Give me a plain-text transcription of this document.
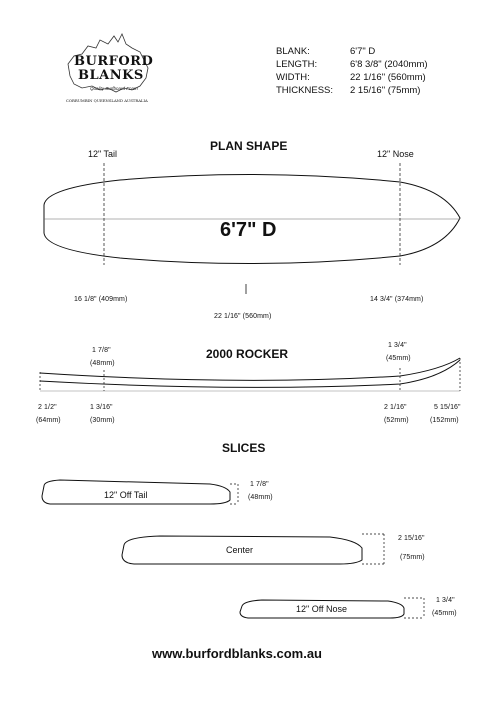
BURFORD
BLANKS
Quality Surfboard Foam
CORRUMBIN QUEENSLAND AUSTRALIA
BLANK:	6'7" D
LENGTH:	6'8 3/8" (2040mm)
WIDTH:	22 1/16" (560mm)
THICKNESS: 2 15/16" (75mm)
PLAN SHAPE
12" Tail	12" Nose
6'7" D
16 1/8" (409mm)	14 3/4" (374mm)
22 1/16" (560mm)
2000 ROCKER
1 7/8"
(48mm)
1 3/4"
(45mm)
2 1/2"
(64mm)
1 3/16"
(30mm)
2 1/16"
(52mm)
5 15/16"
(152mm)
SLICES
12" Off Tail
1 7/8"
(48mm)
Center
2 15/16"
(75mm)
12" Off Nose
1 3/4"
(45mm)
www.burfordblanks.com.au
